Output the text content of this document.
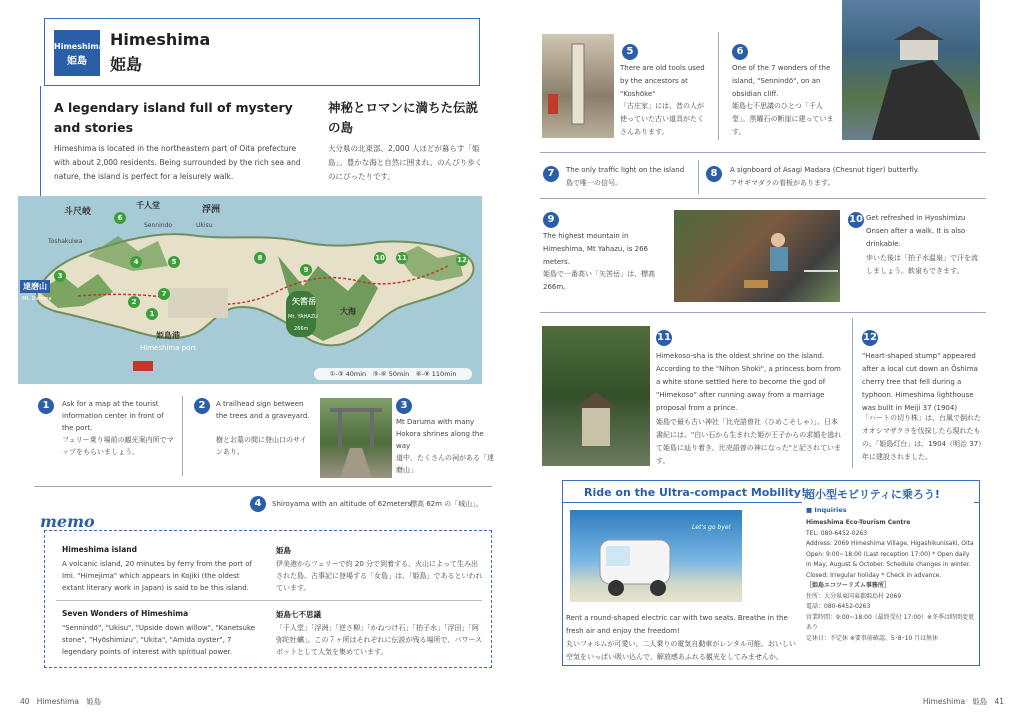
Himeshima
姫島
Himeshima
姫島
A legendary island full of mystery and stories
Himeshima is located in the northeastern part of Oita prefecture with about 2,000 residents. Being surrounded by the rich sea and nature, the island is perfect for a leisurely walk.
神秘とロマンに満ちた伝説の島
大分県の北東部、2,000 人ほどが暮らす「姫島」。豊かな海と自然に囲まれ、のんびり歩くのにぴったりです。
斗尺岐
Toshakuiwa
千人堂
Sennindo
浮洲
Ukisu
達磨山
Mt. Daruma	矢筈岳
Mt. YAHAZU
266m
Himeshima port
姫島港
大海
3
4
6
7
1
2
5	8
9
10 11	12
①-③ 40min　③-⑥ 50min　⑥-⑨ 110min
1	Ask for a map at the tourist information center in front of the port.
フェリー乗り場前の観光案内所でマップをもらいましょう。
2	A trailhead sign between the trees and a graveyard.
樹とお墓の間に登山口のサインあり。
3
Mt Daruma with many Hokora shrines along the way
道中、たくさんの祠がある「達磨山」
4	Shiroyama with an altitude of 62meters
標高 62m の「城山」。
memo
Himeshima island
A volcanic island, 20 minutes by ferry from the port of Imi. "Himejima" which appears in Kojiki (the oldest extant literary work in Japan) is said to be this island.
姫島
伊美港からフェリーで約 20 分で到着する、火山によって生み出された島。古事記に登場する「女島」は、「姫島」であるといわれています。
Seven Wonders of Himeshima
"Sennindō", "Ukisu", "Upside down willow", "Kanetsuke stone", "Hyōshimizu", "Ukita", "Amida oyster", 7 legendary points of interest with spiritual power.
姫島七不思議
「千人堂」「浮洲」「逆さ柳」「かねつけ石」「拍子水」「浮田」「阿弥陀牡蠣」。この７ヶ所はそれぞれに伝説が残る場所で、パワースポットとして人気を集めています。
40 Himeshima 姫島
5
There are old tools used by the ancestors at "Koshōke"
「古庄家」には、昔の人が使っていた古い道具がたくさんあります。
6
One of the 7 wonders of the island, "Sennindō", on an obsidian cliff.
姫島七不思議のひとつ「千人堂」。黒曜石の断崖に建っています。
7	The only traffic light on the island
島で唯一の信号。
8	A signboard of Asagi Madara (Chesnut tiger) butterfly.
アサギマダラの看板があります。
9
The highest mountain in Himeshima, Mt Yahazu, is 266 meters.
姫島で一番高い「矢筈岳」は、標高 266m。
10 Get refreshed in Hyoshimizu Onsen after a walk. It is also drinkable.
歩いた後は「拍子水温泉」で汗を流しましょう。飲泉もできます。
11
Himekoso-sha is the oldest shrine on the island. According to the "Nihon Shoki", a princess born from a white stone settled here to become the god of "Himekoso" after running away from a marriage proposal from a prince.
姫島で最も古い神社「比売語曽社（ひめこそしゃ）」。日本書紀には、"白い石から生まれた姫が王子からの求婚を逃れて姫島に辿り着き、比売語曽の神になった"と記されています。
12
"Heart-shaped stump" appeared after a local cut down an Ōshima cherry tree that fell during a typhoon. Himeshima lighthouse was built in Meiji 37 (1904)
「ハートの切り株」は、台風で倒れたオオシマザクラを伐採したら現れたもの。「姫島灯台」は、1904（明治 37）年に建設されました。
Ride on the Ultra-compact Mobility!
超小型モビリティに乗ろう!
Let's go bye!
Rent a round-shaped electric car with two seats. Breathe in the fresh air and enjoy the freedom!
丸いフォルムが可愛い、二人乗りの電気自動車がレンタル可能。おいしい空気をいっぱい吸い込んで、解放感あふれる観光をしてみませんか。
■ Inquiries
Himeshima Eco-Tourism Centre
TEL: 080-6452-0263
Address: 2069 Himeshima Village, Higashikunisaki, Oita
Open: 9:00~18:00 (Last reception 17:00) * Open daily in May, August & October. Schedule changes in winter.
Closed: Irregular holiday * Check in advance.
［姫島エコツーリズム事務所］
住所：大分県東国東郡姫島村 2069
電話：080-6452-0263
営業時間：9:00~18:00（最終受付 17:00）※冬季は時間変更あり
定休日：不定休 ※要事前確認、5･8･10 月は無休
Himeshima 姫島 41
